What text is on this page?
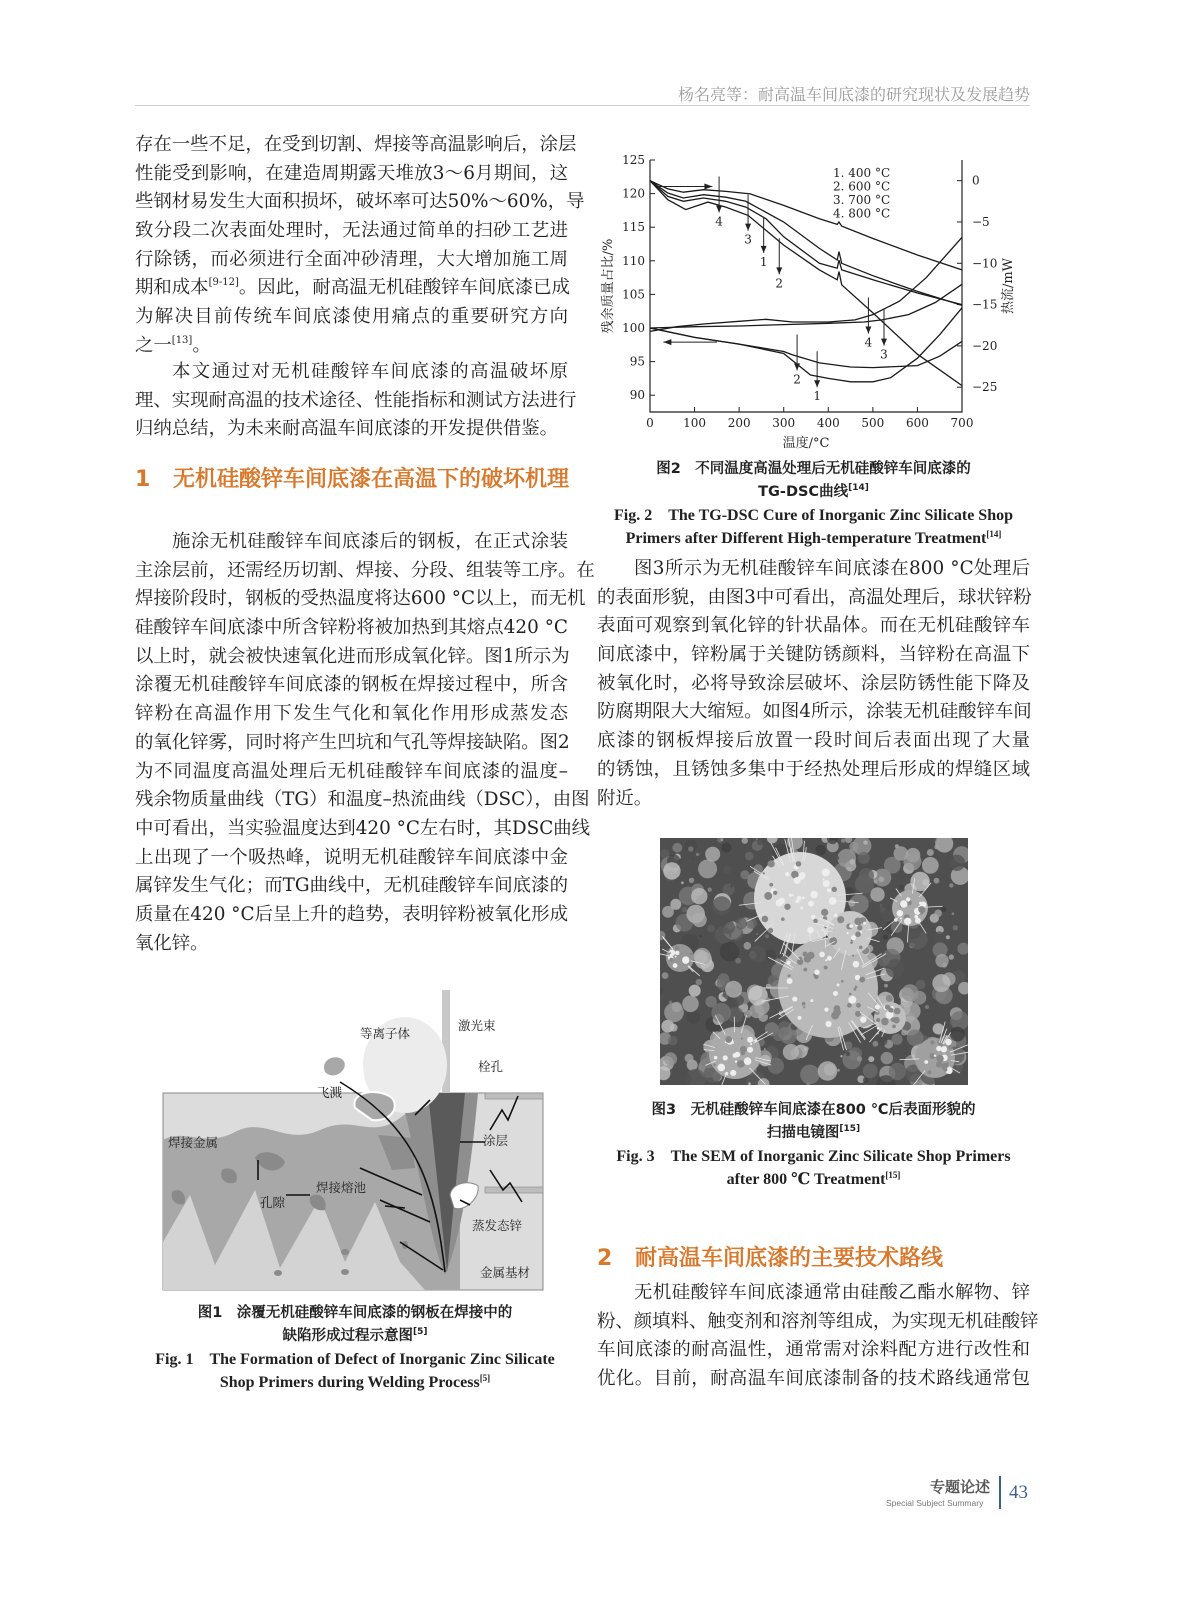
杨名亮等：耐高温车间底漆的研究现状及发展趋势
存在一些不足，在受到切割、焊接等高温影响后，涂层
性能受到影响，在建造周期露天堆放3～6月期间，这
些钢材易发生大面积损坏，破坏率可达50%～60%，导
致分段二次表面处理时，无法通过简单的扫砂工艺进
行除锈，而必须进行全面冲砂清理，大大增加施工周
期和成本[9-12]。因此，耐高温无机硅酸锌车间底漆已成
为解决目前传统车间底漆使用痛点的重要研究方向
之一[13]。
本文通过对无机硅酸锌车间底漆的高温破坏原
理、实现耐高温的技术途径、性能指标和测试方法进行
归纳总结，为未来耐高温车间底漆的开发提供借鉴。
1 无机硅酸锌车间底漆在高温下的破坏机理
施涂无机硅酸锌车间底漆后的钢板，在正式涂装
主涂层前，还需经历切割、焊接、分段、组装等工序。在
焊接阶段时，钢板的受热温度将达600 °C以上，而无机
硅酸锌车间底漆中所含锌粉将被加热到其熔点420 °C
以上时，就会被快速氧化进而形成氧化锌。图1所示为
涂覆无机硅酸锌车间底漆的钢板在焊接过程中，所含
锌粉在高温作用下发生气化和氧化作用形成蒸发态
的氧化锌雾，同时将产生凹坑和气孔等焊接缺陷。图2
为不同温度高温处理后无机硅酸锌车间底漆的温度–
残余物质量曲线（TG）和温度–热流曲线（DSC），由图
中可看出，当实验温度达到420 °C左右时，其DSC曲线
上出现了一个吸热峰，说明无机硅酸锌车间底漆中金
属锌发生气化；而TG曲线中，无机硅酸锌车间底漆的
质量在420 °C后呈上升的趋势，表明锌粉被氧化形成
氧化锌。
等离子体
激光束
栓孔
飞溅
焊接金属	涂层
焊接熔池
孔隙
蒸发态锌
金属基材
图1　涂覆无机硅酸锌车间底漆的钢板在焊接中的
缺陷形成过程示意图[5]
Fig. 1　The Formation of Defect of Inorganic Zinc Silicate
Shop Primers during Welding Process[5]
0 100 200 300 400 500 600 700
90
95
100
105
110
115
120
125
0
−5
−10
−15
−20
−25
温度/°C
残余质量占比/%	热流/mW
1. 400 °C
2. 600 °C
3. 700 °C
4. 800 °C
4
3
1
2
4
3
2
1
图2　不同温度高温处理后无机硅酸锌车间底漆的
TG-DSC曲线[14]
Fig. 2　The TG-DSC Cure of Inorganic Zinc Silicate Shop
Primers after Different High-temperature Treatment[14]
图3所示为无机硅酸锌车间底漆在800 °C处理后
的表面形貌，由图3中可看出，高温处理后，球状锌粉
表面可观察到氧化锌的针状晶体。而在无机硅酸锌车
间底漆中，锌粉属于关键防锈颜料，当锌粉在高温下
被氧化时，必将导致涂层破坏、涂层防锈性能下降及
防腐期限大大缩短。如图4所示，涂装无机硅酸锌车间
底漆的钢板焊接后放置一段时间后表面出现了大量
的锈蚀，且锈蚀多集中于经热处理后形成的焊缝区域
附近。
图3　无机硅酸锌车间底漆在800 ℃后表面形貌的
扫描电镜图[15]
Fig. 3　The SEM of Inorganic Zinc Silicate Shop Primers
after 800 ℃ Treatment[15]
2 耐高温车间底漆的主要技术路线
无机硅酸锌车间底漆通常由硅酸乙酯水解物、锌
粉、颜填料、触变剂和溶剂等组成，为实现无机硅酸锌
车间底漆的耐高温性，通常需对涂料配方进行改性和
优化。目前，耐高温车间底漆制备的技术路线通常包
专题论述
Special Subject Summary 43
